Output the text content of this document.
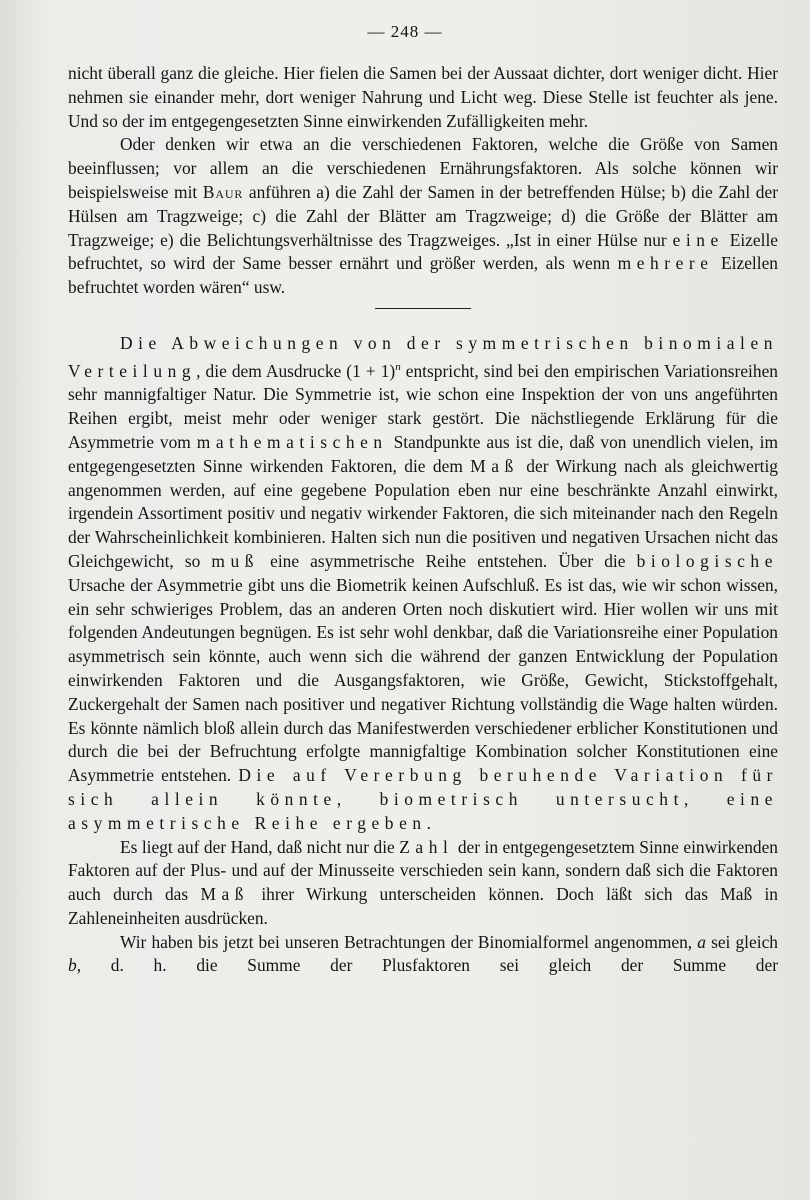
— 248 —

nicht überall ganz die gleiche. Hier fielen die Samen bei der Aussaat dichter, dort weniger dicht. Hier nehmen sie einander mehr, dort weniger Nahrung und Licht weg. Diese Stelle ist feuchter als jene. Und so der im entgegengesetzten Sinne einwirkenden Zufälligkeiten mehr.

Oder denken wir etwa an die verschiedenen Faktoren, welche die Größe von Samen beeinflussen; vor allem an die verschiedenen Ernährungsfaktoren. Als solche können wir beispielsweise mit Baur anführen a) die Zahl der Samen in der betreffenden Hülse; b) die Zahl der Hülsen am Tragzweige; c) die Zahl der Blätter am Tragzweige; d) die Größe der Blätter am Tragzweige; e) die Belichtungsverhältnisse des Tragzweiges. „Ist in einer Hülse nur eine Eizelle befruchtet, so wird der Same besser ernährt und größer werden, als wenn mehrere Eizellen befruchtet worden wären“ usw.

Die Abweichungen von der symmetrischen binomialen Verteilung, die dem Ausdrucke $(1 + 1)^n$ entspricht, sind bei den empirischen Variationsreihen sehr mannigfaltiger Natur. Die Symmetrie ist, wie schon eine Inspektion der von uns angeführten Reihen ergibt, meist mehr oder weniger stark gestört. Die nächstliegende Erklärung für die Asymmetrie vom mathematischen Standpunkte aus ist die, daß von unendlich vielen, im entgegengesetzten Sinne wirkenden Faktoren, die dem Maß der Wirkung nach als gleichwertig angenommen werden, auf eine gegebene Population eben nur eine beschränkte Anzahl einwirkt, irgendein Assortiment positiv und negativ wirkender Faktoren, die sich miteinander nach den Regeln der Wahrscheinlichkeit kombinieren. Halten sich nun die positiven und negativen Ursachen nicht das Gleichgewicht, so muß eine asymmetrische Reihe entstehen. Über die biologische Ursache der Asymmetrie gibt uns die Biometrik keinen Aufschluß. Es ist das, wie wir schon wissen, ein sehr schwieriges Problem, das an anderen Orten noch diskutiert wird. Hier wollen wir uns mit folgenden Andeutungen begnügen. Es ist sehr wohl denkbar, daß die Variationsreihe einer Population asymmetrisch sein könnte, auch wenn sich die während der ganzen Entwicklung der Population einwirkenden Faktoren und die Ausgangsfaktoren, wie Größe, Gewicht, Stickstoffgehalt, Zuckergehalt der Samen nach positiver und negativer Richtung vollständig die Wage halten würden. Es könnte nämlich bloß allein durch das Manifestwerden verschiedener erblicher Konstitutionen und durch die bei der Befruchtung erfolgte mannigfaltige Kombination solcher Konstitutionen eine Asymmetrie entstehen. Die auf Vererbung beruhende Variation für sich allein könnte, biometrisch untersucht, eine asymmetrische Reihe ergeben.

Es liegt auf der Hand, daß nicht nur die Zahl der in entgegengesetztem Sinne einwirkenden Faktoren auf der Plus- und auf der Minusseite verschieden sein kann, sondern daß sich die Faktoren auch durch das Maß ihrer Wirkung unterscheiden können. Doch läßt sich das Maß in Zahleneinheiten ausdrücken.

Wir haben bis jetzt bei unseren Betrachtungen der Binomialformel angenommen, a sei gleich b, d. h. die Summe der Plusfaktoren sei gleich der Summe der
